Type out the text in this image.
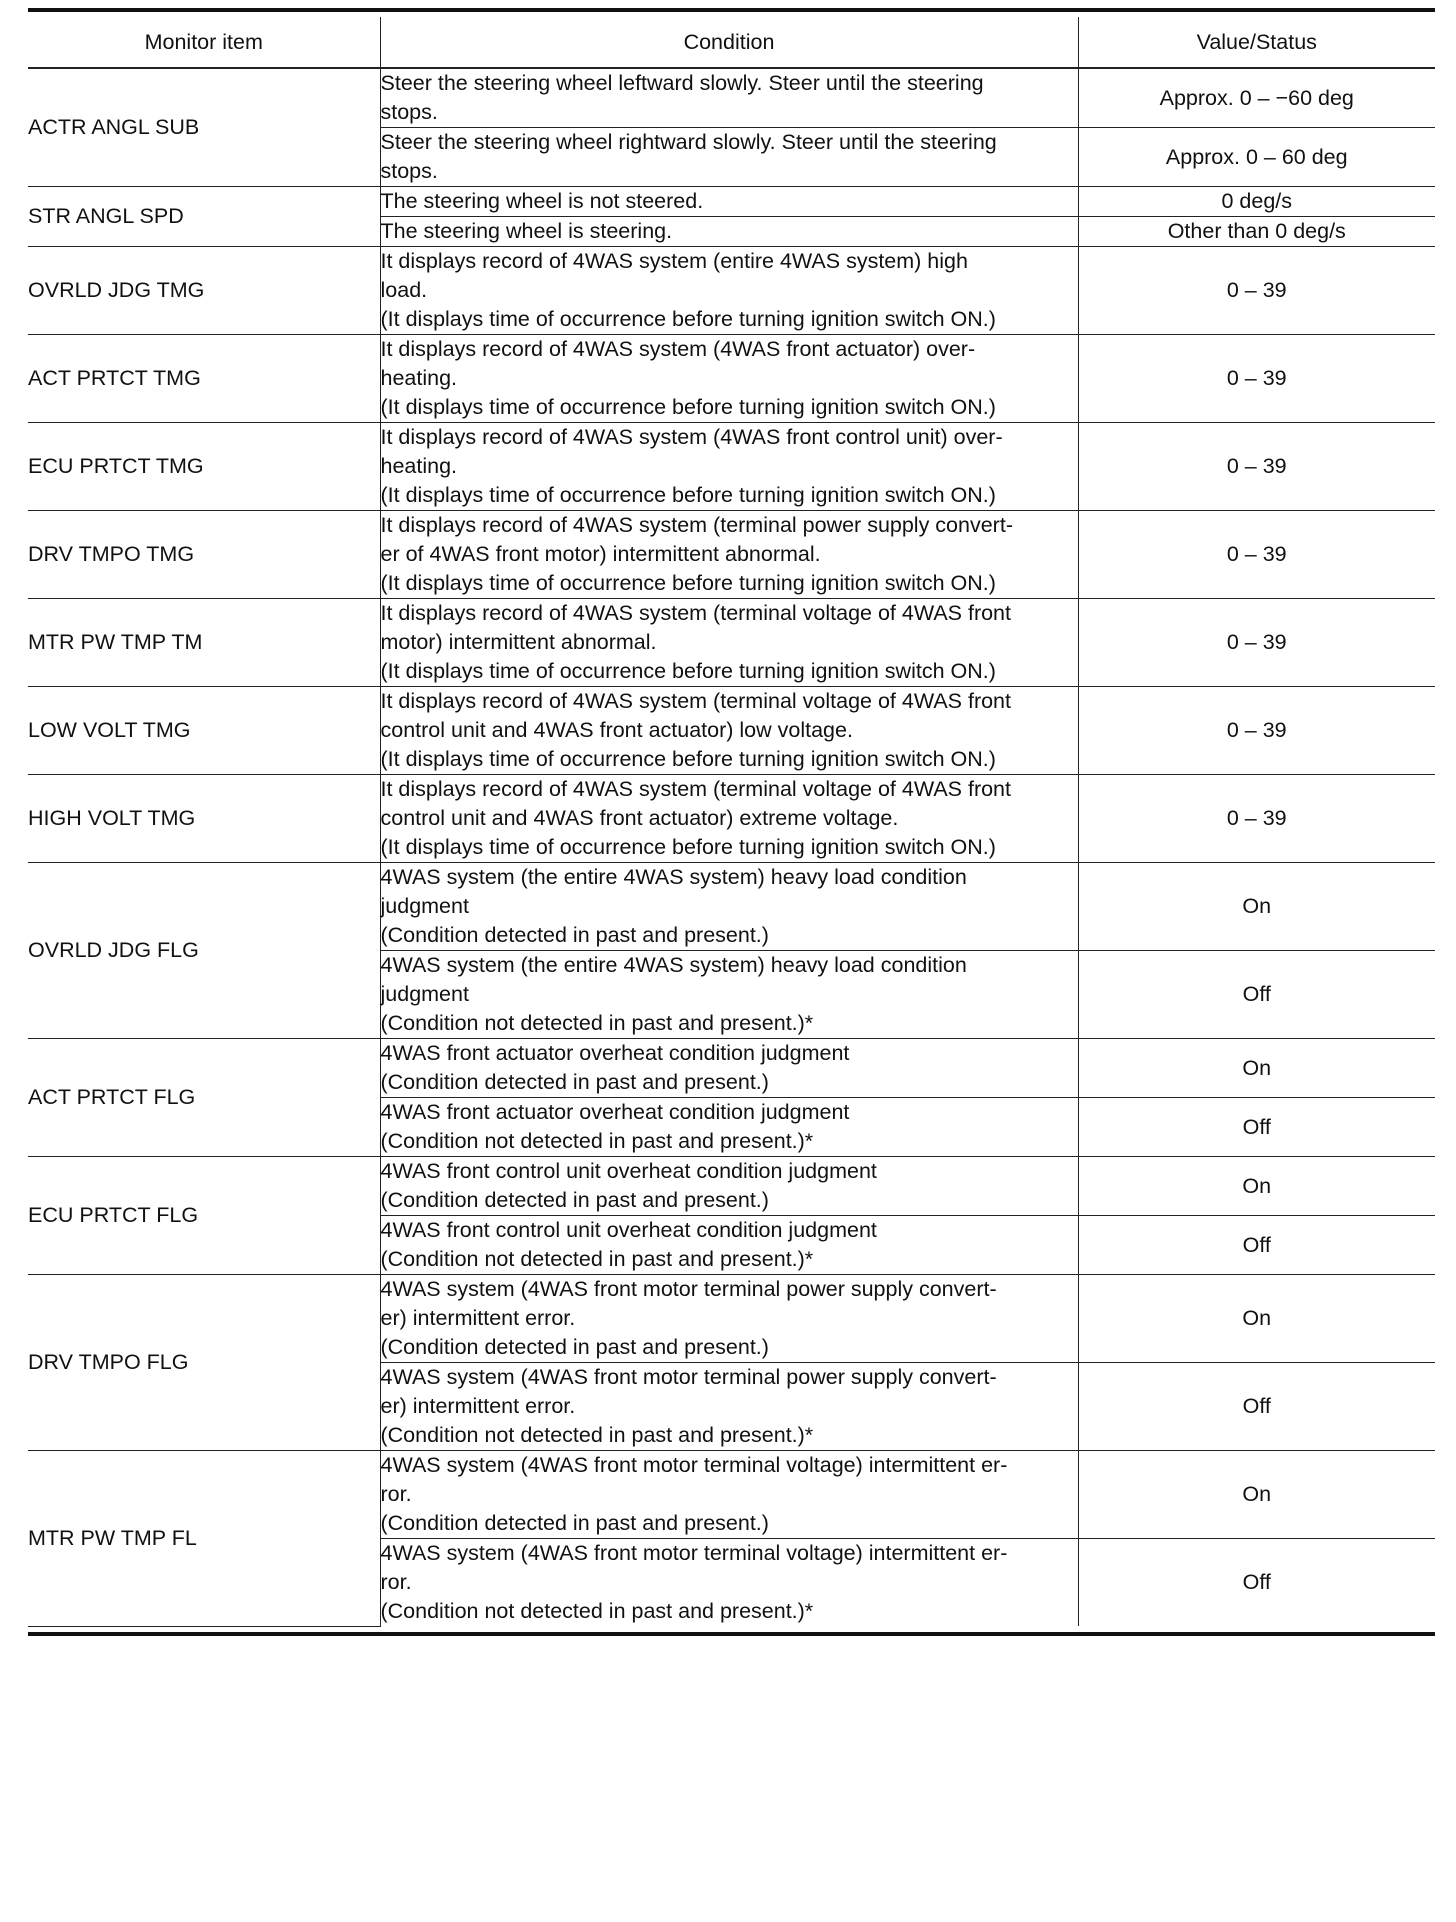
Monitor item	Condition	Value/Status
ACTR ANGL SUB	Steer the steering wheel leftward slowly. Steer until the steering
stops.	Approx. 0 – −60 deg

	Steer the steering wheel rightward slowly. Steer until the steering
stops.	Approx. 0 – 60 deg
STR ANGL SPD	The steering wheel is not steered.	0 deg/s

	The steering wheel is steering.	Other than 0 deg/s
OVRLD JDG TMG	It displays record of 4WAS system (entire 4WAS system) high
load.
(It displays time of occurrence before turning ignition switch ON.)	0 – 39
ACT PRTCT TMG	It displays record of 4WAS system (4WAS front actuator) over-
heating.
(It displays time of occurrence before turning ignition switch ON.)	0 – 39
ECU PRTCT TMG	It displays record of 4WAS system (4WAS front control unit) over-
heating.
(It displays time of occurrence before turning ignition switch ON.)	0 – 39
DRV TMPO TMG	It displays record of 4WAS system (terminal power supply convert-
er of 4WAS front motor) intermittent abnormal.
(It displays time of occurrence before turning ignition switch ON.)	0 – 39
MTR PW TMP TM	It displays record of 4WAS system (terminal voltage of 4WAS front
motor) intermittent abnormal.
(It displays time of occurrence before turning ignition switch ON.)	0 – 39
LOW VOLT TMG	It displays record of 4WAS system (terminal voltage of 4WAS front
control unit and 4WAS front actuator) low voltage.
(It displays time of occurrence before turning ignition switch ON.)	0 – 39
HIGH VOLT TMG	It displays record of 4WAS system (terminal voltage of 4WAS front
control unit and 4WAS front actuator) extreme voltage.
(It displays time of occurrence before turning ignition switch ON.)	0 – 39
OVRLD JDG FLG	4WAS system (the entire 4WAS system) heavy load condition
judgment
(Condition detected in past and present.)	On

	4WAS system (the entire 4WAS system) heavy load condition
judgment
(Condition not detected in past and present.)*	Off
ACT PRTCT FLG	4WAS front actuator overheat condition judgment
(Condition detected in past and present.)	On

	4WAS front actuator overheat condition judgment
(Condition not detected in past and present.)*	Off
ECU PRTCT FLG	4WAS front control unit overheat condition judgment
(Condition detected in past and present.)	On

	4WAS front control unit overheat condition judgment
(Condition not detected in past and present.)*	Off
DRV TMPO FLG	4WAS system (4WAS front motor terminal power supply convert-
er) intermittent error.
(Condition detected in past and present.)	On

	4WAS system (4WAS front motor terminal power supply convert-
er) intermittent error.
(Condition not detected in past and present.)*	Off
MTR PW TMP FL	4WAS system (4WAS front motor terminal voltage) intermittent er-
ror.
(Condition detected in past and present.)	On

	4WAS system (4WAS front motor terminal voltage) intermittent er-
ror.
(Condition not detected in past and present.)*	Off
